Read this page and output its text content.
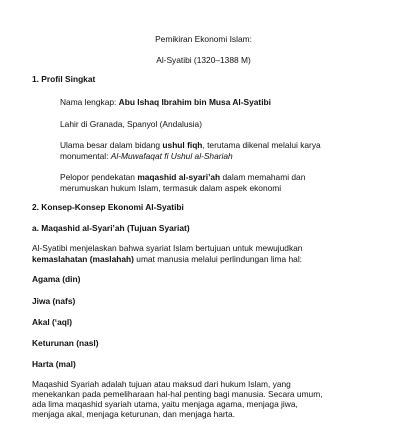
Pemikiran Ekonomi Islam:
Al-Syatibi (1320–1388 M)
1. Profil Singkat
Nama lengkap: Abu Ishaq Ibrahim bin Musa Al-Syatibi
Lahir di Granada, Spanyol (Andalusia)
Ulama besar dalam bidang ushul fiqh, terutama dikenal melalui karya
monumental: Al-Muwafaqat fi Ushul al-Shariah
Pelopor pendekatan maqashid al-syari’ah dalam memahami dan
merumuskan hukum Islam, termasuk dalam aspek ekonomi
2. Konsep-Konsep Ekonomi Al-Syatibi
a. Maqashid al-Syari’ah (Tujuan Syariat)
Al-Syatibi menjelaskan bahwa syariat Islam bertujuan untuk mewujudkan
kemaslahatan (maslahah) umat manusia melalui perlindungan lima hal:
Agama (din)
Jiwa (nafs)
Akal (‘aql)
Keturunan (nasl)
Harta (mal)
Maqashid Syariah adalah tujuan atau maksud dari hukum Islam, yang
menekankan pada pemeliharaan hal-hal penting bagi manusia. Secara umum,
ada lima maqashid syariah utama, yaitu menjaga agama, menjaga jiwa,
menjaga akal, menjaga keturunan, dan menjaga harta.
